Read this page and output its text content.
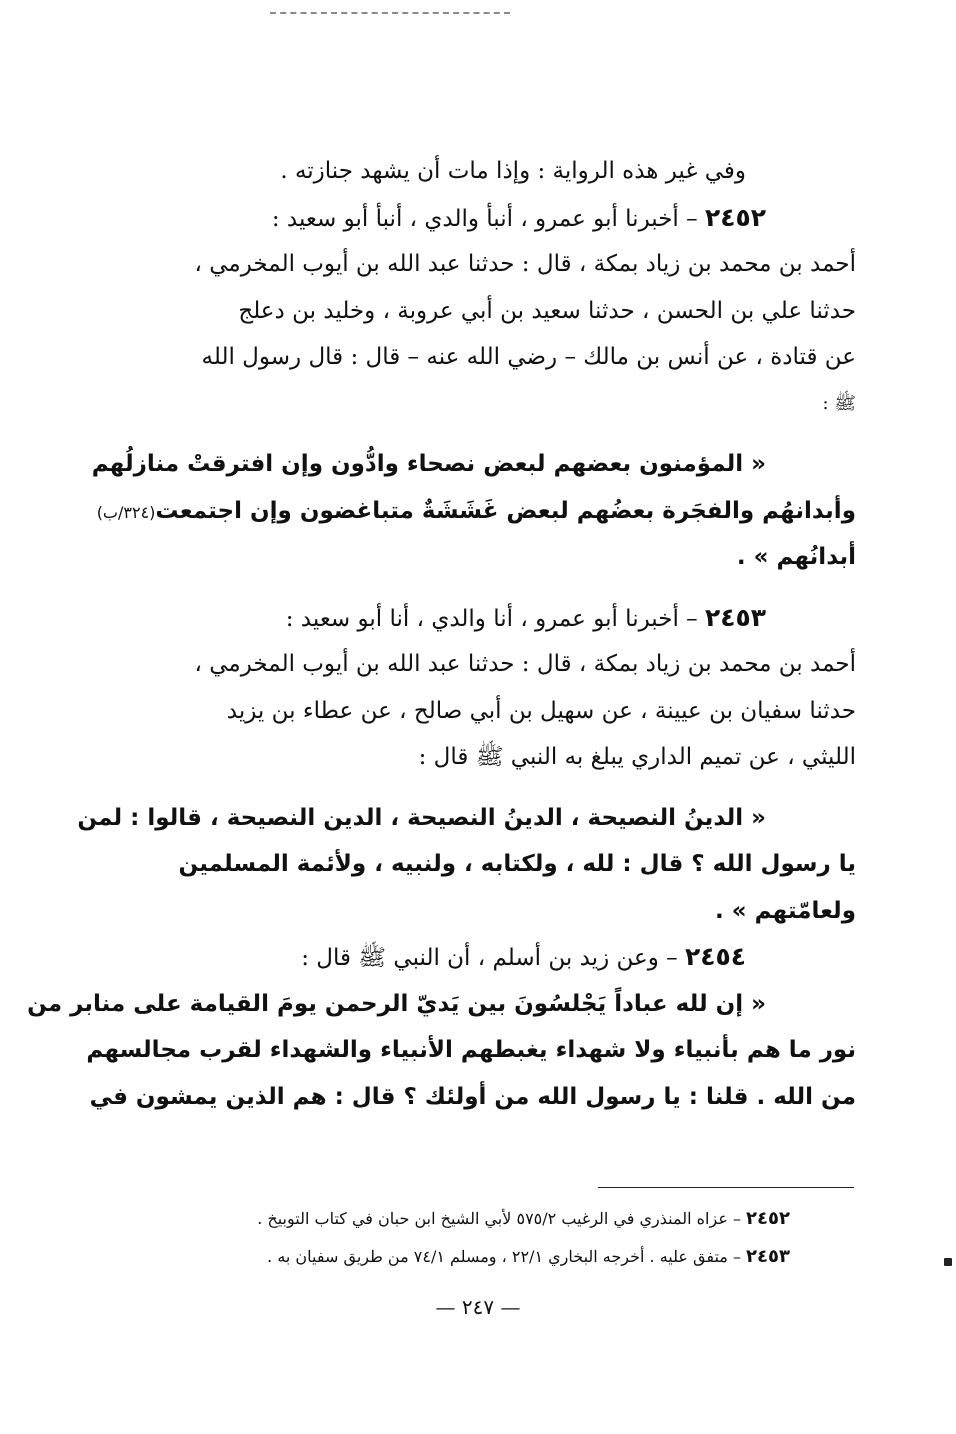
وفي غير هذه الرواية : وإذا مات أن يشهد جنازته .
٢٤٥٢ – أخبرنا أبو عمرو ، أنبأ والدي ، أنبأ أبو سعيد :
أحمد بن محمد بن زياد بمكة ، قال : حدثنا عبد الله بن أيوب المخرمي ،
حدثنا علي بن الحسن ، حدثنا سعيد بن أبي عروبة ، وخليد بن دعلج
عن قتادة ، عن أنس بن مالك – رضي الله عنه – قال : قال رسول الله
ﷺ :
« المؤمنون بعضهم لبعض نصحاء وادُّون وإن افترقتْ منازلُهم
وأبدانهُم والفجَرة بعضُهم لبعض غَشَشَةٌ متباغضون وإن اجتمعت(٣٢٤/ب)
أبدانُهم » .
٢٤٥٣ – أخبرنا أبو عمرو ، أنا والدي ، أنا أبو سعيد :
أحمد بن محمد بن زياد بمكة ، قال : حدثنا عبد الله بن أيوب المخرمي ،
حدثنا سفيان بن عيينة ، عن سهيل بن أبي صالح ، عن عطاء بن يزيد
الليثي ، عن تميم الداري يبلغ به النبي ﷺ قال :
« الدينُ النصيحة ، الدينُ النصيحة ، الدين النصيحة ، قالوا : لمن
يا رسول الله ؟ قال : لله ، ولكتابه ، ولنبيه ، ولأئمة المسلمين
ولعامّتهم » .
٢٤٥٤ – وعن زيد بن أسلم ، أن النبي ﷺ قال :
« إن لله عباداً يَجْلسُونَ بين يَديّ الرحمن يومَ القيامة على منابر من
نور ما هم بأنبياء ولا شهداء يغبطهم الأنبياء والشهداء لقرب مجالسهم
من الله . قلنا : يا رسول الله من أولئك ؟ قال : هم الذين يمشون في
٢٤٥٢ – عزاه المنذري في الرغيب ٥٧٥/٢ لأبي الشيخ ابن حبان في كتاب التوبيخ .
٢٤٥٣ – متفق عليه . أخرجه البخاري ٢٢/١ ، ومسلم ٧٤/١ من طريق سفيان به .
— ٢٤٧ —
